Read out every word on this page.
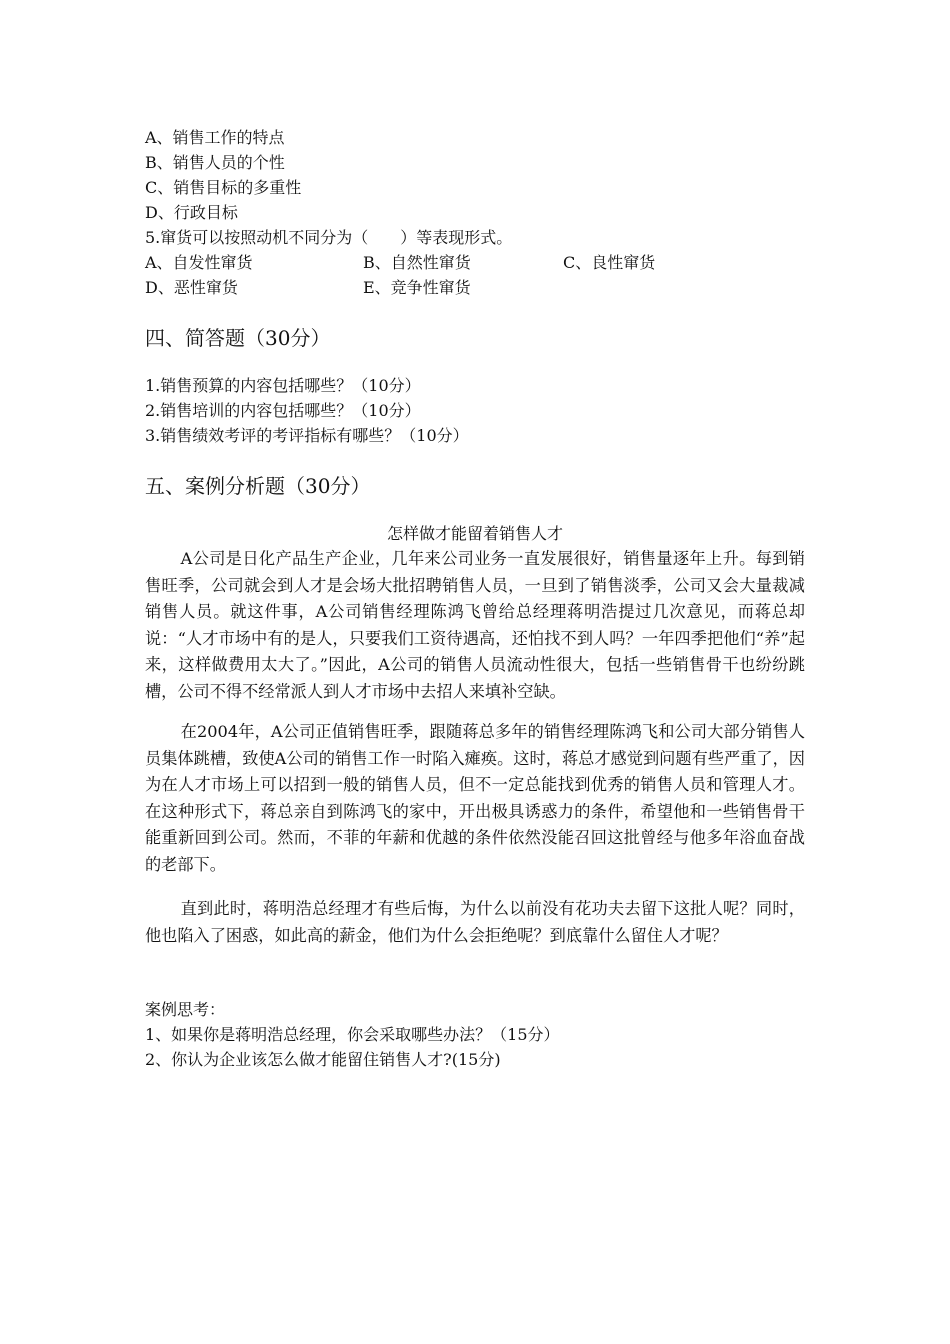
A、销售工作的特点
B、销售人员的个性
C、销售目标的多重性
D、行政目标
5.窜货可以按照动机不同分为（　　）等表现形式。
A、自发性窜货	B、自然性窜货	C、良性窜货
D、恶性窜货	E、竞争性窜货
四、简答题（30分）
1.销售预算的内容包括哪些？（10分）
2.销售培训的内容包括哪些？（10分）
3.销售绩效考评的考评指标有哪些？（10分）
五、案例分析题（30分）
怎样做才能留着销售人才
A公司是日化产品生产企业，几年来公司业务一直发展很好，销售量逐年上升。每到销售旺季，公司就会到人才是会场大批招聘销售人员，一旦到了销售淡季，公司又会大量裁减销售人员。就这件事，A公司销售经理陈鸿飞曾给总经理蒋明浩提过几次意见，而蒋总却说：“人才市场中有的是人，只要我们工资待遇高，还怕找不到人吗？一年四季把他们“养”起来，这样做费用太大了。”因此，A公司的销售人员流动性很大，包括一些销售骨干也纷纷跳槽，公司不得不经常派人到人才市场中去招人来填补空缺。
在2004年，A公司正值销售旺季，跟随蒋总多年的销售经理陈鸿飞和公司大部分销售人员集体跳槽，致使A公司的销售工作一时陷入瘫痪。这时，蒋总才感觉到问题有些严重了，因为在人才市场上可以招到一般的销售人员，但不一定总能找到优秀的销售人员和管理人才。在这种形式下，蒋总亲自到陈鸿飞的家中，开出极具诱惑力的条件，希望他和一些销售骨干能重新回到公司。然而，不菲的年薪和优越的条件依然没能召回这批曾经与他多年浴血奋战的老部下。
直到此时，蒋明浩总经理才有些后悔，为什么以前没有花功夫去留下这批人呢？同时，他也陷入了困惑，如此高的薪金，他们为什么会拒绝呢？到底靠什么留住人才呢？
案例思考：
1、如果你是蒋明浩总经理，你会采取哪些办法？（15分）
2、你认为企业该怎么做才能留住销售人才?(15分)
